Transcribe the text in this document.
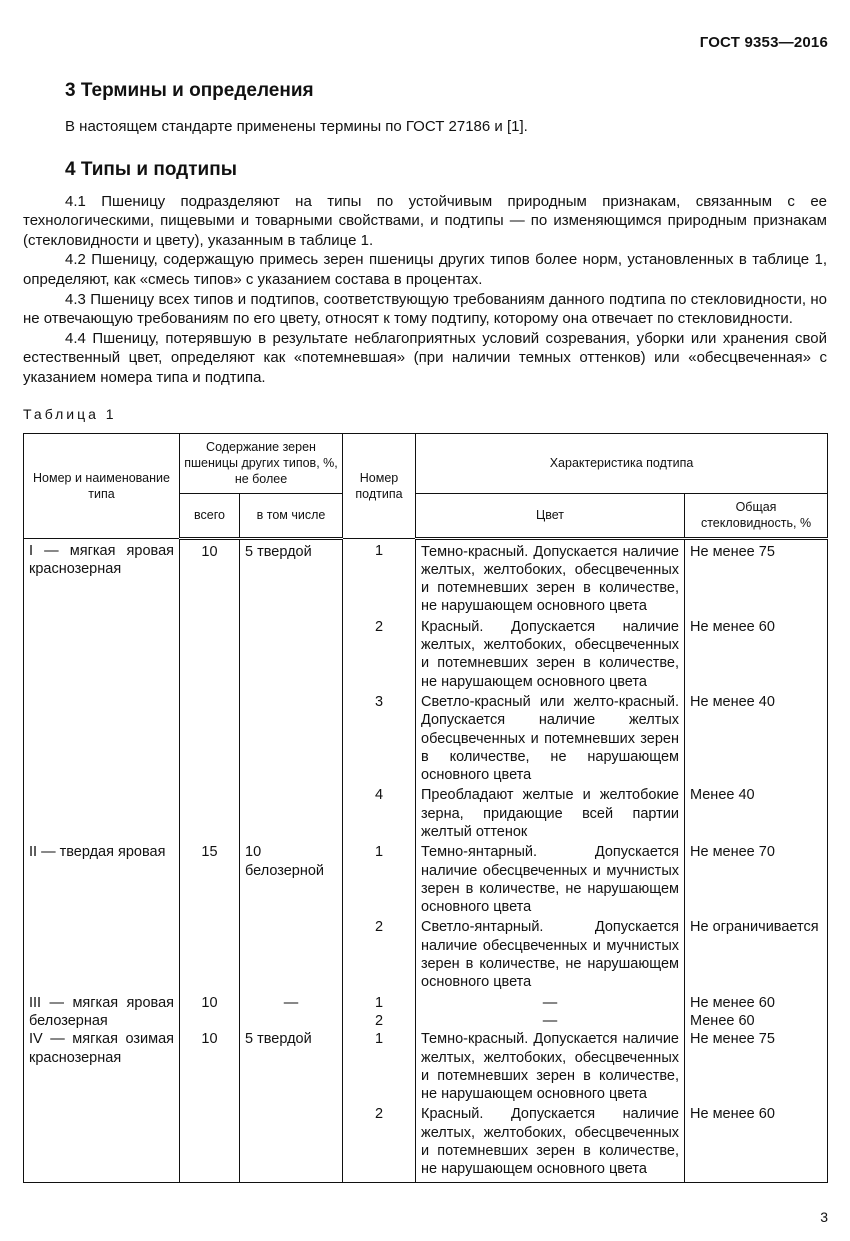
ГОСТ 9353—2016
3 Термины и определения

В настоящем стандарте применены термины по ГОСТ 27186 и [1].

4 Типы и подтипы

4.1 Пшеницу подразделяют на типы по устойчивым природным признакам, связанным с ее технологическими, пищевыми и товарными свойствами, и подтипы — по изменяющимся природным признакам (стекловидности и цвету), указанным в таблице 1.

4.2 Пшеницу, содержащую примесь зерен пшеницы других типов более норм, установленных в таблице 1, определяют, как «смесь типов» с указанием состава в процентах.

4.3 Пшеницу всех типов и подтипов, соответствующую требованиям данного подтипа по стекловидности, но не отвечающую требованиям по его цвету, относят к тому подтипу, которому она отвечает по стекловидности.

4.4 Пшеницу, потерявшую в результате неблагоприятных условий созревания, уборки или хранения свой естественный цвет, определяют как «потемневшая» (при наличии темных оттенков) или «обесцвеченная» с указанием номера типа и подтипа.

Таблица 1
Номер и наименование типа	Содержание зерен пшеницы других типов, %, не более		Номер подтипа	Характеристика подтипа	
	всего	в том числе		Цвет	Общая стекловидность, %
I — мягкая яровая краснозерная	10	5 твердой	1	Темно-красный. Допускается наличие желтых, желтобоких, обесцвеченных и потемневших зерен в количестве, не нарушающем основного цвета	Не менее 75
			2	Красный. Допускается наличие желтых, желтобоких, обесцвеченных и потемневших зерен в количестве, не нарушающем основного цвета	Не менее 60
			3	Светло-красный или желто-красный. Допускается наличие желтых обесцвеченных и потемневших зерен в количестве, не нарушающем основного цвета	Не менее 40
			4	Преобладают желтые и желтобокие зерна, придающие всей партии желтый оттенок	Менее 40
II — твердая яровая	15	10 белозерной	1	Темно-янтарный. Допускается наличие обесцвеченных и мучнистых зерен в количестве, не нарушающем основного цвета	Не менее 70
			2	Светло-янтарный. Допускается наличие обесцвеченных и мучнистых зерен в количестве, не нарушающем основного цвета	Не ограничивается
III — мягкая яровая белозерная	10	—	1	—	Не менее 60
			2	—	Менее 60
IV — мягкая озимая краснозерная	10	5 твердой	1	Темно-красный. Допускается наличие желтых, желтобоких, обесцвеченных и потемневших зерен в количестве, не нарушающем основного цвета	Не менее 75
			2	Красный. Допускается наличие желтых, желтобоких, обесцвеченных и потемневших зерен в количестве, не нарушающем основного цвета	Не менее 60
3
